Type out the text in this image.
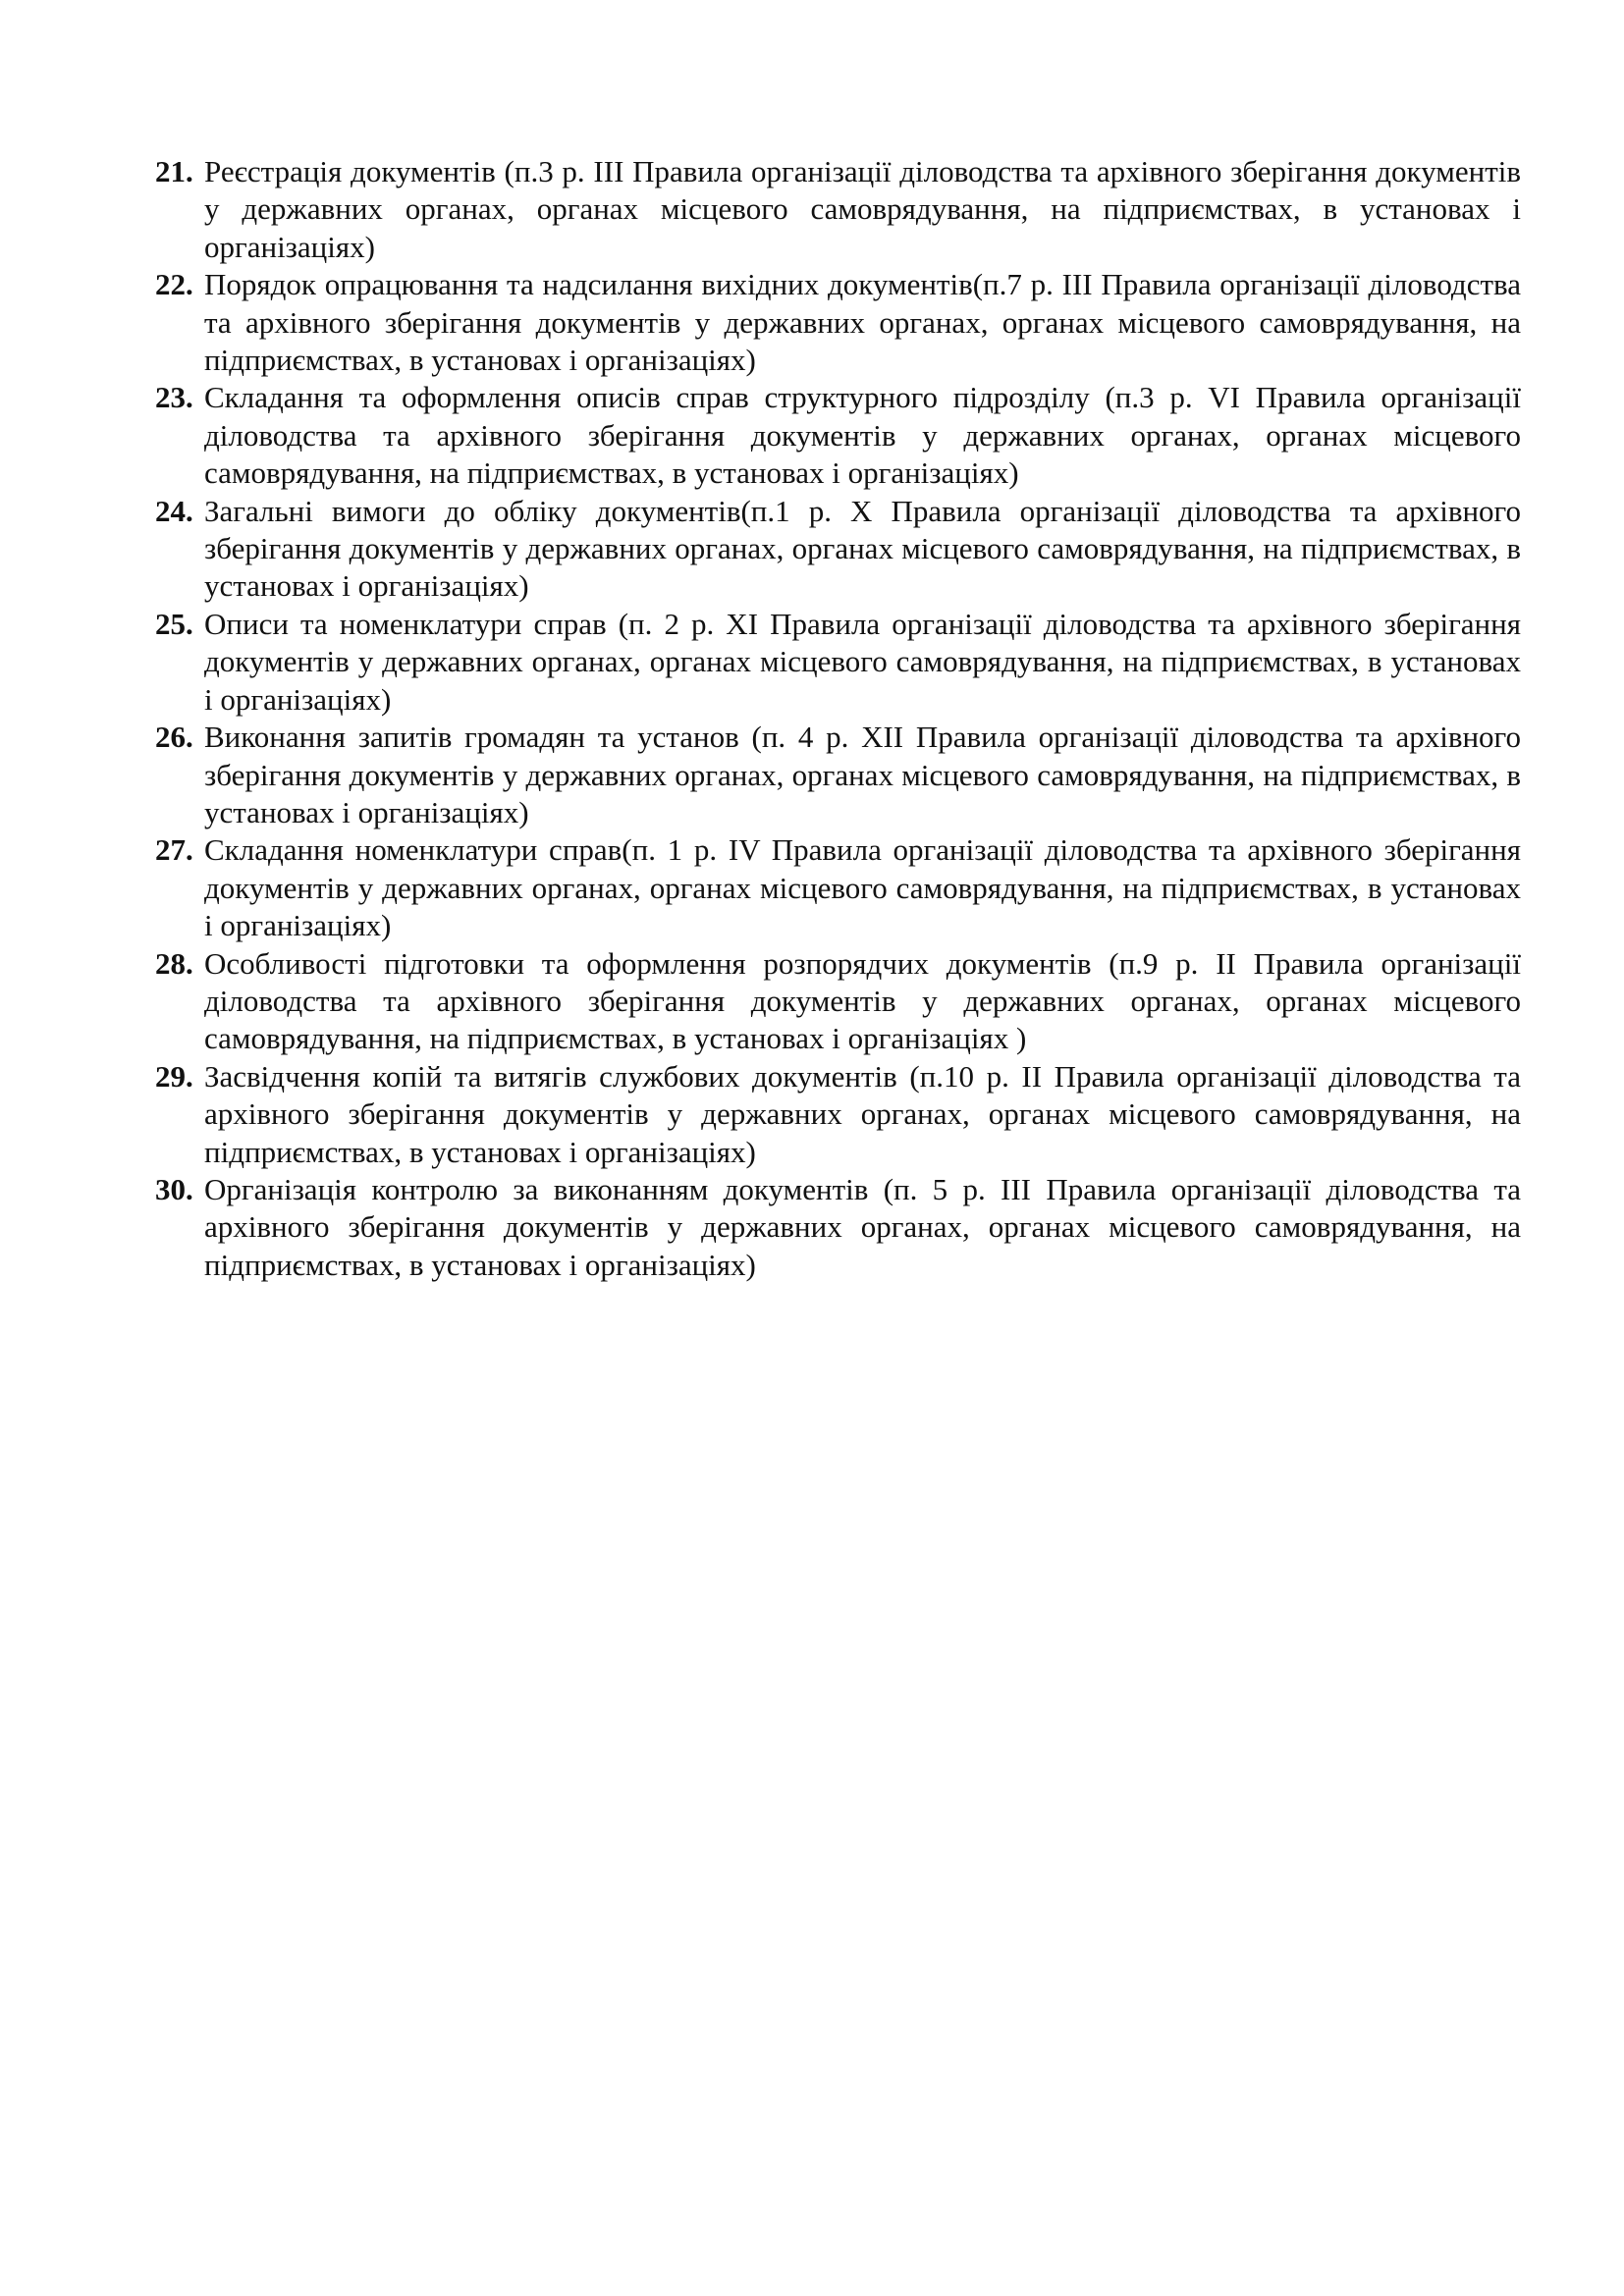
21. Реєстрація документів (п.3 р. III Правила організації діловодства та архівного зберігання документів у державних органах, органах місцевого самоврядування, на підприємствах, в установах і організаціях)
22. Порядок опрацювання та надсилання вихідних документів(п.7 р. III Правила організації діловодства та архівного зберігання документів у державних органах, органах місцевого самоврядування, на підприємствах, в установах і організаціях)
23. Складання та оформлення описів справ структурного підрозділу (п.3 р. VI Правила організації діловодства та архівного зберігання документів у державних органах, органах місцевого самоврядування, на підприємствах, в установах і організаціях)
24. Загальні вимоги до обліку документів(п.1 р. X Правила організації діловодства та архівного зберігання документів у державних органах, органах місцевого самоврядування, на підприємствах, в установах і організаціях)
25. Описи та номенклатури справ (п. 2 р. XI Правила організації діловодства та архівного зберігання документів у державних органах, органах місцевого самоврядування, на підприємствах, в установах і організаціях)
26. Виконання запитів громадян та установ (п. 4 р. XII Правила організації діловодства та архівного зберігання документів у державних органах, органах місцевого самоврядування, на підприємствах, в установах і організаціях)
27. Складання номенклатури справ(п. 1 р. IV Правила організації діловодства та архівного зберігання документів у державних органах, органах місцевого самоврядування, на підприємствах, в установах і організаціях)
28. Особливості підготовки та оформлення розпорядчих документів (п.9 р. II Правила організації діловодства та архівного зберігання документів у державних органах, органах місцевого самоврядування, на підприємствах, в установах і організаціях )
29. Засвідчення копій та витягів службових документів (п.10 р. II Правила організації діловодства та архівного зберігання документів у державних органах, органах місцевого самоврядування, на підприємствах, в установах і організаціях)
30. Організація контролю за виконанням документів (п. 5 р. III Правила організації діловодства та архівного зберігання документів у державних органах, органах місцевого самоврядування, на підприємствах, в установах і організаціях)
